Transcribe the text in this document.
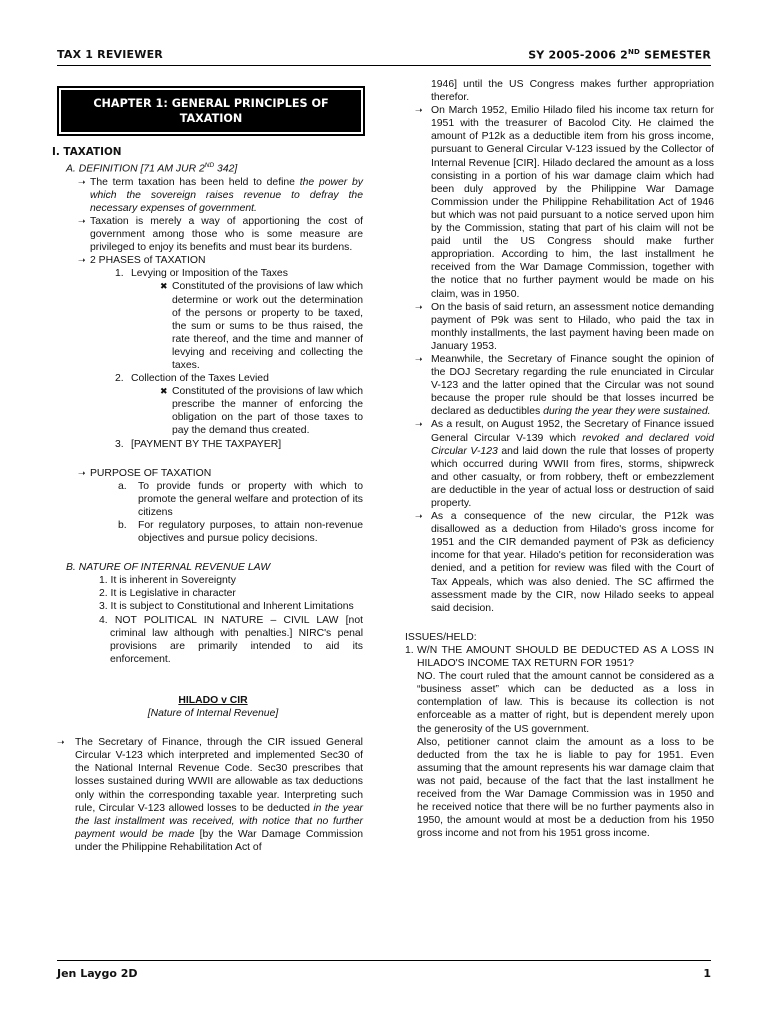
TAX 1 REVIEWER	SY 2005-2006 2ND SEMESTER
CHAPTER 1: GENERAL PRINCIPLES OF
TAXATION
I. TAXATION
A. DEFINITION [71 AM JUR 2ND 342]
➝ The term taxation has been held to define the power by which the sovereign raises revenue to defray the necessary expenses of government.
➝ Taxation is merely a way of apportioning the cost of government among those who is some measure are privileged to enjoy its benefits and must bear its burdens.
➝ 2 PHASES of TAXATION
1. Levying or Imposition of the Taxes
✖ Constituted of the provisions of law which determine or work out the determination of the persons or property to be taxed, the sum or sums to be thus raised, the rate thereof, and the time and manner of levying and receiving and collecting the taxes.
2. Collection of the Taxes Levied
✖ Constituted of the provisions of law which prescribe the manner of enforcing the obligation on the part of those taxes to pay the demand thus created.
3. [PAYMENT BY THE TAXPAYER]
➝ PURPOSE OF TAXATION
a. To provide funds or property with which to promote the general welfare and protection of its citizens
b. For regulatory purposes, to attain non-revenue objectives and pursue policy decisions.
B. NATURE OF INTERNAL REVENUE LAW
1. It is inherent in Sovereignty
2. It is Legislative in character
3. It is subject to Constitutional and Inherent Limitations
4. NOT POLITICAL IN NATURE – CIVIL LAW [not criminal law although with penalties.] NIRC's penal provisions are primarily intended to aid its enforcement.
HILADO v CIR
[Nature of Internal Revenue]
➝ The Secretary of Finance, through the CIR issued General Circular V-123 which interpreted and implemented Sec30 of the National Internal Revenue Code. Sec30 prescribes that losses sustained during WWII are allowable as tax deductions only within the corresponding taxable year. Interpreting such rule, Circular V-123 allowed losses to be deducted in the year the last installment was received, with notice that no further payment would be made [by the War Damage Commission under the Philippine Rehabilitation Act of
1946] until the US Congress makes further appropriation therefor.
➝ On March 1952, Emilio Hilado filed his income tax return for 1951 with the treasurer of Bacolod City. He claimed the amount of P12k as a deductible item from his gross income, pursuant to General Circular V-123 issued by the Collector of Internal Revenue [CIR]. Hilado declared the amount as a loss consisting in a portion of his war damage claim which had been duly approved by the Philippine War Damage Commission under the Philippine Rehabilitation Act of 1946 but which was not paid pursuant to a notice served upon him by the Commission, stating that part of his claim will not be paid until the US Congress should make further appropriation. According to him, the last installment he received from the War Damage Commission, together with the notice that no further payment would be made on his claim, was in 1950.
➝ On the basis of said return, an assessment notice demanding payment of P9k was sent to Hilado, who paid the tax in monthly installments, the last payment having been made on January 1953.
➝ Meanwhile, the Secretary of Finance sought the opinion of the DOJ Secretary regarding the rule enunciated in Circular V-123 and the latter opined that the Circular was not sound because the proper rule should be that losses incurred be declared as deductibles during the year they were sustained.
➝ As a result, on August 1952, the Secretary of Finance issued General Circular V-139 which revoked and declared void Circular V-123 and laid down the rule that losses of property which occurred during WWII from fires, storms, shipwreck and other casualty, or from robbery, theft or embezzlement are deductible in the year of actual loss or destruction of said property.
➝ As a consequence of the new circular, the P12k was disallowed as a deduction from Hilado's gross income for 1951 and the CIR demanded payment of P3k as deficiency income for that year. Hilado's petition for reconsideration was denied, and a petition for review was filed with the Court of Tax Appeals, which was also denied. The SC affirmed the assessment made by the CIR, now Hilado seeks to appeal said decision.
ISSUES/HELD:
1. W/N THE AMOUNT SHOULD BE DEDUCTED AS A LOSS IN HILADO'S INCOME TAX RETURN FOR 1951?
NO. The court ruled that the amount cannot be considered as a “business asset” which can be deducted as a loss in contemplation of law. This is because its collection is not enforceable as a matter of right, but is dependent merely upon the generosity of the US government.
Also, petitioner cannot claim the amount as a loss to be deducted from the tax he is liable to pay for 1951. Even assuming that the amount represents his war damage claim that was not paid, because of the fact that the last installment he received from the War Damage Commission was in 1950 and he received notice that there will be no further payments also in 1950, the amount would at most be a deduction from his 1950 gross income and not from his 1951 gross income.
Jen Laygo 2D	1
